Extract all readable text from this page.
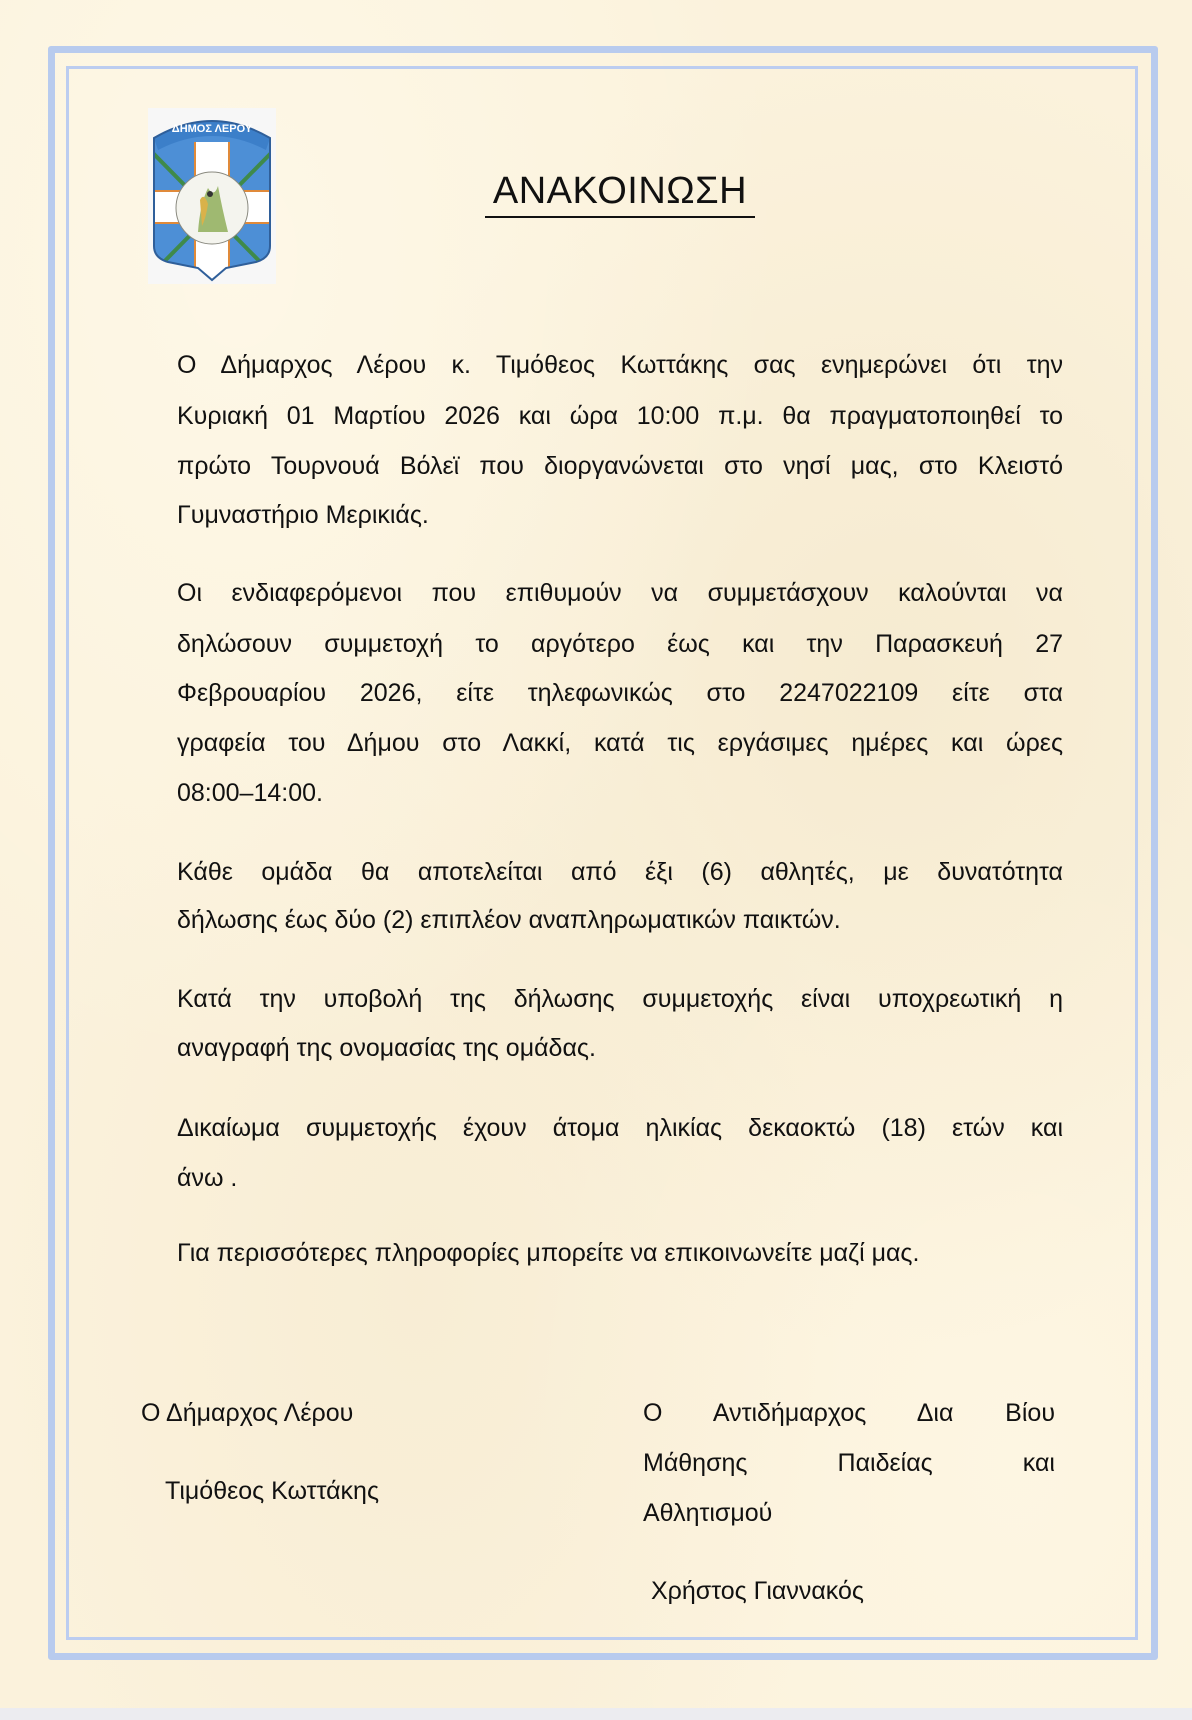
ΔΗΜΟΣ ΛΕΡΟΥ
ΑΝΑΚΟΙΝΩΣΗ
Ο Δήμαρχος Λέρου κ. Τιμόθεος Κωττάκης σας ενημερώνει ότι την
Κυριακή 01 Μαρτίου 2026 και ώρα 10:00 π.μ. θα πραγματοποιηθεί το
πρώτο Τουρνουά Βόλεϊ που διοργανώνεται στο νησί μας, στο Κλειστό
Γυμναστήριο Μερικιάς.
Οι ενδιαφερόμενοι που επιθυμούν να συμμετάσχουν καλούνται να
δηλώσουν συμμετοχή το αργότερο έως και την Παρασκευή 27
Φεβρουαρίου 2026, είτε τηλεφωνικώς στο 2247022109 είτε στα
γραφεία του Δήμου στο Λακκί, κατά τις εργάσιμες ημέρες και ώρες
08:00–14:00.
Κάθε ομάδα θα αποτελείται από έξι (6) αθλητές, με δυνατότητα
δήλωσης έως δύο (2) επιπλέον αναπληρωματικών παικτών.
Κατά την υποβολή της δήλωσης συμμετοχής είναι υποχρεωτική η
αναγραφή της ονομασίας της ομάδας.
Δικαίωμα συμμετοχής έχουν άτομα ηλικίας δεκαοκτώ (18) ετών και
άνω .
Για περισσότερες πληροφορίες μπορείτε να επικοινωνείτε μαζί μας.
Ο Δήμαρχος Λέρου
Τιμόθεος Κωττάκης
Ο Αντιδήμαρχος Δια Βίου
Μάθησης Παιδείας και
Αθλητισμού
Χρήστος Γιαννακός
